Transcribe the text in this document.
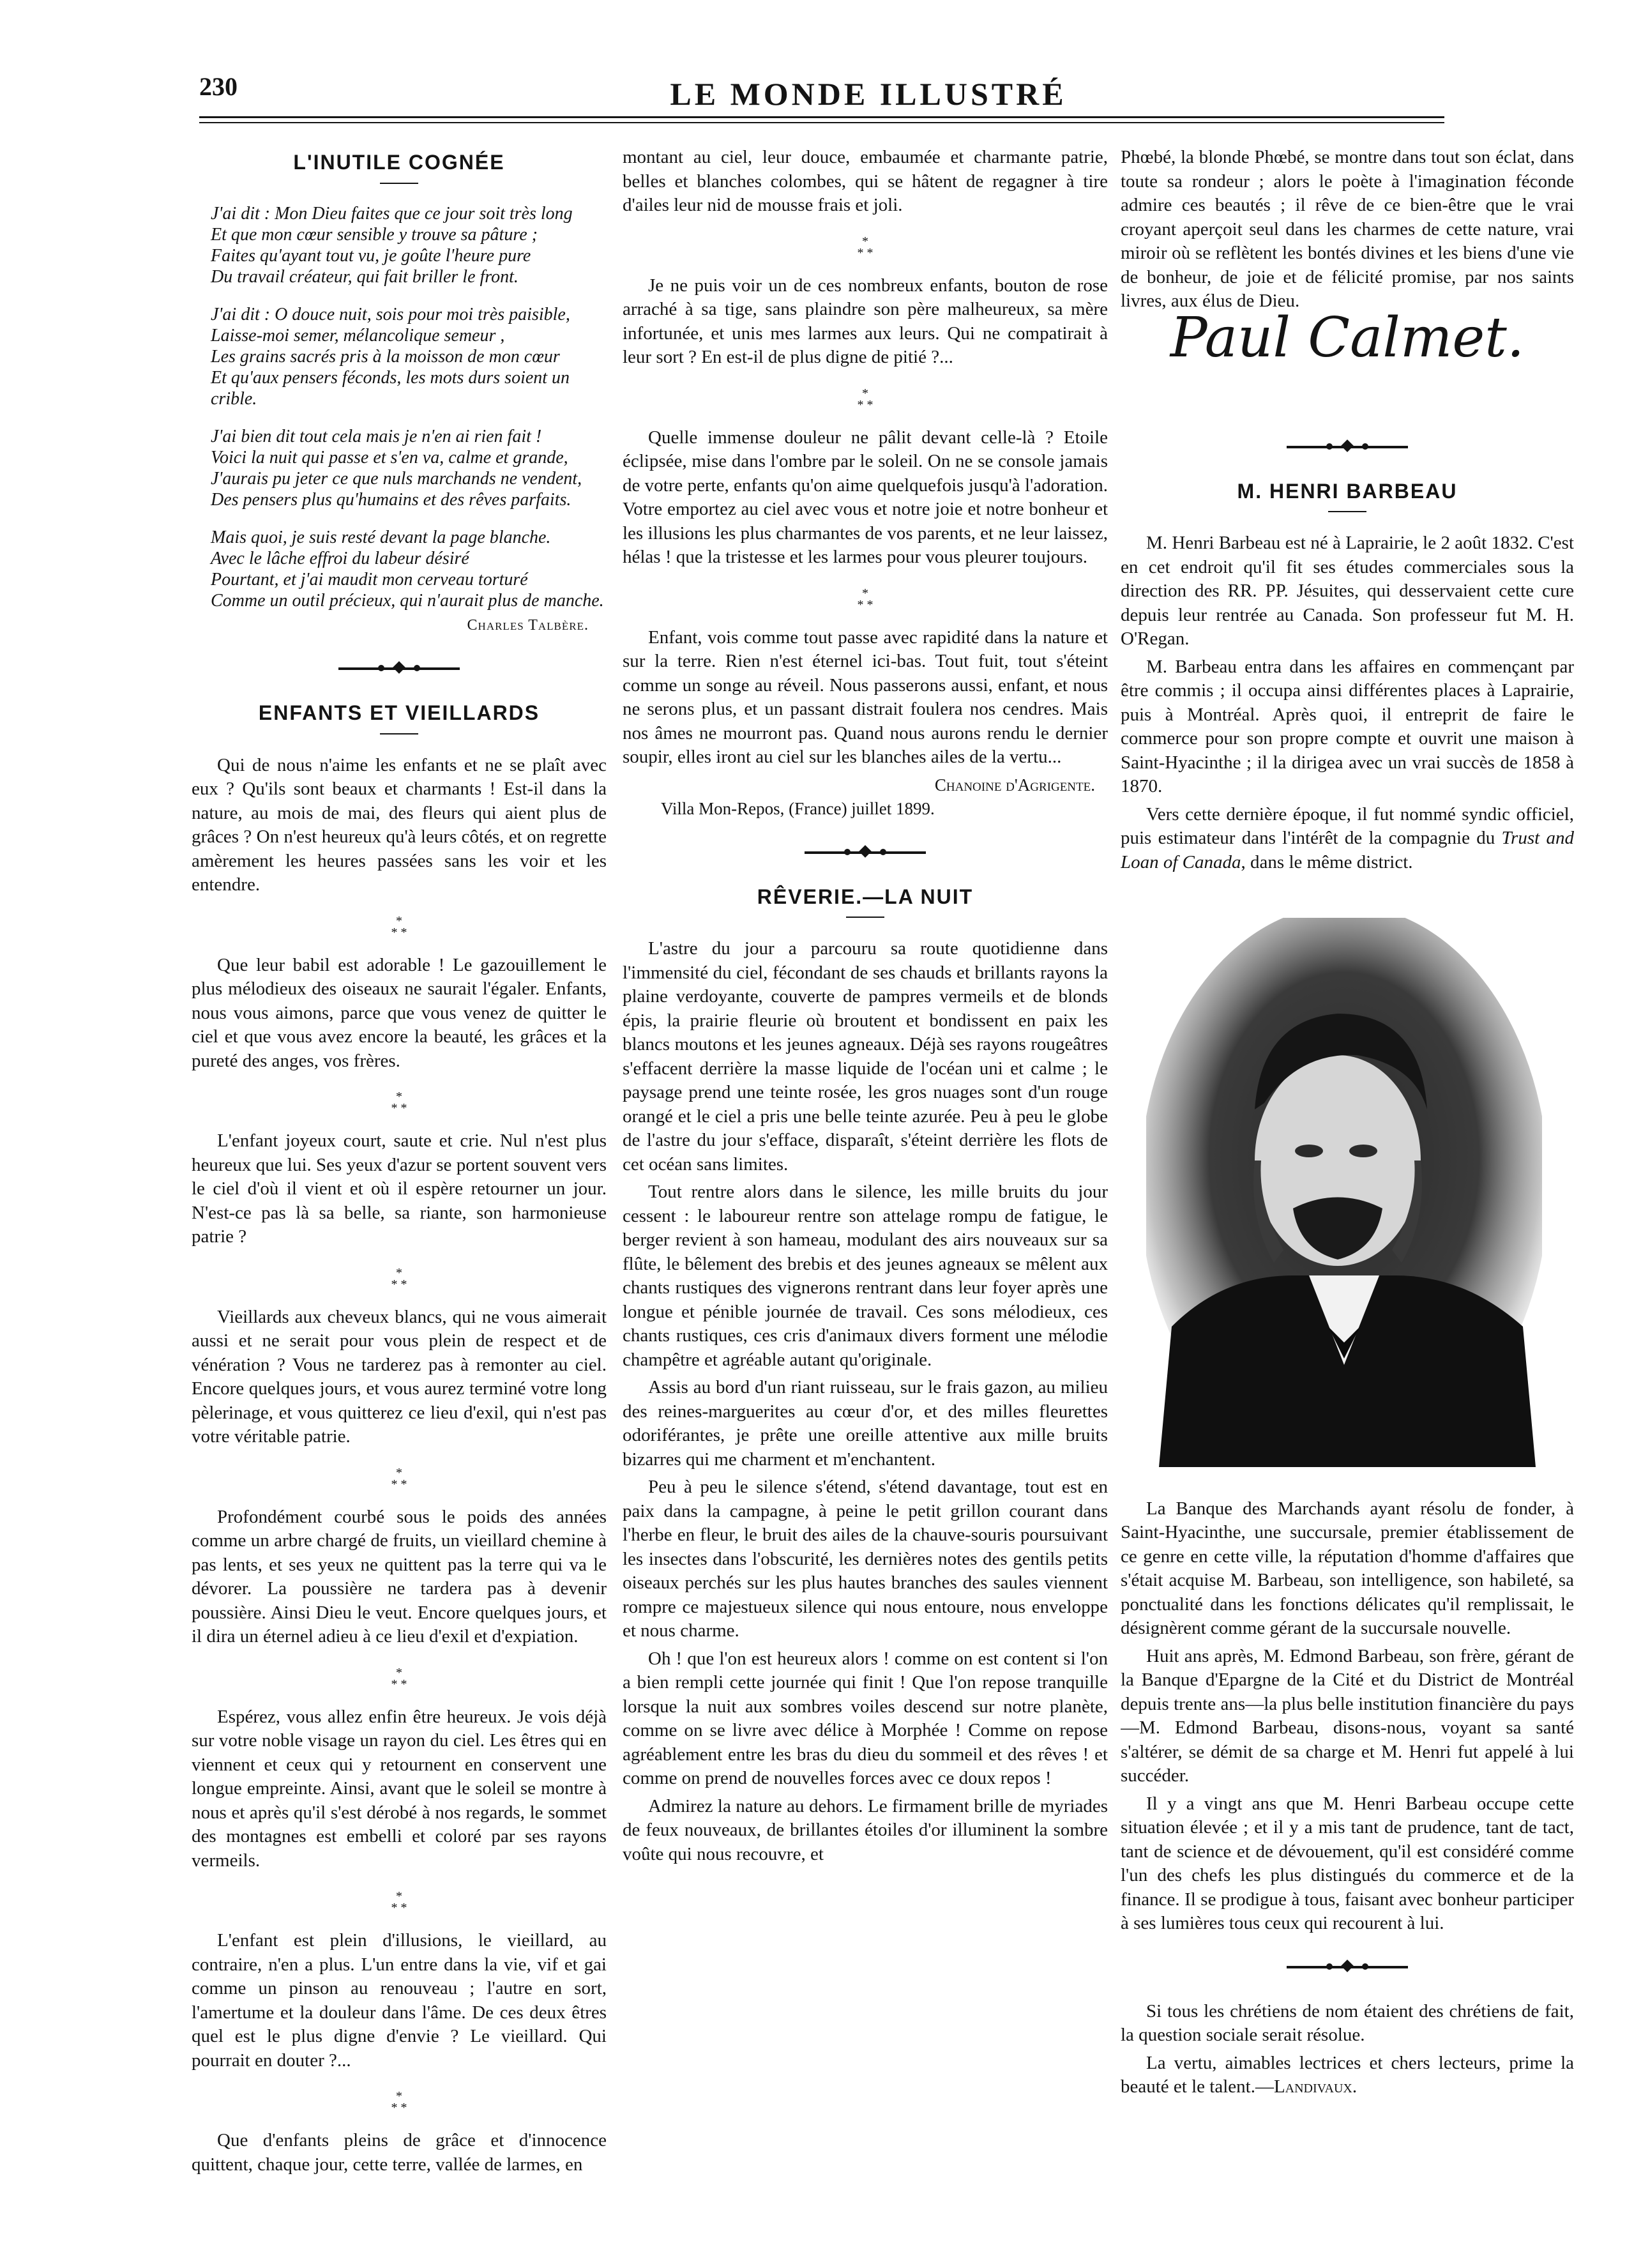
230	LE MONDE ILLUSTRÉ
L'INUTILE COGNÉE
J'ai dit : Mon Dieu faites que ce jour soit très long
Et que mon cœur sensible y trouve sa pâture ;
Faites qu'ayant tout vu, je goûte l'heure pure
Du travail créateur, qui fait briller le front.
J'ai dit : O douce nuit, sois pour moi très paisible,
Laisse-moi semer, mélancolique semeur ,
Les grains sacrés pris à la moisson de mon cœur
Et qu'aux pensers féconds, les mots durs soient un crible.
J'ai bien dit tout cela mais je n'en ai rien fait !
Voici la nuit qui passe et s'en va, calme et grande,
J'aurais pu jeter ce que nuls marchands ne vendent,
Des pensers plus qu'humains et des rêves parfaits.
Mais quoi, je suis resté devant la page blanche.
Avec le lâche effroi du labeur désiré
Pourtant, et j'ai maudit mon cerveau torturé
Comme un outil précieux, qui n'aurait plus de manche.
Charles Talbère.
ENFANTS ET VIEILLARDS

Qui de nous n'aime les enfants et ne se plaît avec eux ? Qu'ils sont beaux et charmants ! Est-il dans la nature, au mois de mai, des fleurs qui aient plus de grâces ? On n'est heureux qu'à leurs côtés, et on regrette amèrement les heures passées sans les voir et les entendre.

*
* *

Que leur babil est adorable ! Le gazouillement le plus mélodieux des oiseaux ne saurait l'égaler. Enfants, nous vous aimons, parce que vous venez de quitter le ciel et que vous avez encore la beauté, les grâces et la pureté des anges, vos frères.

*
* *

L'enfant joyeux court, saute et crie. Nul n'est plus heureux que lui. Ses yeux d'azur se portent souvent vers le ciel d'où il vient et où il espère retourner un jour. N'est-ce pas là sa belle, sa riante, son harmonieuse patrie ?

*
* *

Vieillards aux cheveux blancs, qui ne vous aimerait aussi et ne serait pour vous plein de respect et de vénération ? Vous ne tarderez pas à remonter au ciel. Encore quelques jours, et vous aurez terminé votre long pèlerinage, et vous quitterez ce lieu d'exil, qui n'est pas votre véritable patrie.

*
* *

Profondément courbé sous le poids des années comme un arbre chargé de fruits, un vieillard chemine à pas lents, et ses yeux ne quittent pas la terre qui va le dévorer. La poussière ne tardera pas à devenir poussière. Ainsi Dieu le veut. Encore quelques jours, et il dira un éternel adieu à ce lieu d'exil et d'expiation.

*
* *

Espérez, vous allez enfin être heureux. Je vois déjà sur votre noble visage un rayon du ciel. Les êtres qui en viennent et ceux qui y retournent en conservent une longue empreinte. Ainsi, avant que le soleil se montre à nous et après qu'il s'est dérobé à nos regards, le sommet des montagnes est embelli et coloré par ses rayons vermeils.

*
* *

L'enfant est plein d'illusions, le vieillard, au contraire, n'en a plus. L'un entre dans la vie, vif et gai comme un pinson au renouveau ; l'autre en sort, l'amertume et la douleur dans l'âme. De ces deux êtres quel est le plus digne d'envie ? Le vieillard. Qui pourrait en douter ?...

*
* *

Que d'enfants pleins de grâce et d'innocence quittent, chaque jour, cette terre, vallée de larmes, en

montant au ciel, leur douce, embaumée et charmante patrie, belles et blanches colombes, qui se hâtent de regagner à tire d'ailes leur nid de mousse frais et joli.

*
* *

Je ne puis voir un de ces nombreux enfants, bouton de rose arraché à sa tige, sans plaindre son père malheureux, sa mère infortunée, et unis mes larmes aux leurs. Qui ne compatirait à leur sort ? En est-il de plus digne de pitié ?...

*
* *

Quelle immense douleur ne pâlit devant celle-là ? Etoile éclipsée, mise dans l'ombre par le soleil. On ne se console jamais de votre perte, enfants qu'on aime quelquefois jusqu'à l'adoration. Votre emportez au ciel avec vous et notre joie et notre bonheur et les illusions les plus charmantes de vos parents, et ne leur laissez, hélas ! que la tristesse et les larmes pour vous pleurer toujours.

*
* *

Enfant, vois comme tout passe avec rapidité dans la nature et sur la terre. Rien n'est éternel ici-bas. Tout fuit, tout s'éteint comme un songe au réveil. Nous passerons aussi, enfant, et nous ne serons plus, et un passant distrait foulera nos cendres. Mais nos âmes ne mourront pas. Quand nous aurons rendu le dernier soupir, elles iront au ciel sur les blanches ailes de la vertu...

Chanoine d'Agrigente.
Villa Mon-Repos, (France) juillet 1899.
RÊVERIE.—LA NUIT

L'astre du jour a parcouru sa route quotidienne dans l'immensité du ciel, fécondant de ses chauds et brillants rayons la plaine verdoyante, couverte de pampres vermeils et de blonds épis, la prairie fleurie où broutent et bondissent en paix les blancs moutons et les jeunes agneaux. Déjà ses rayons rougeâtres s'effacent derrière la masse liquide de l'océan uni et calme ; le paysage prend une teinte rosée, les gros nuages sont d'un rouge orangé et le ciel a pris une belle teinte azurée. Peu à peu le globe de l'astre du jour s'efface, disparaît, s'éteint derrière les flots de cet océan sans limites.

Tout rentre alors dans le silence, les mille bruits du jour cessent : le laboureur rentre son attelage rompu de fatigue, le berger revient à son hameau, modulant des airs nouveaux sur sa flûte, le bêlement des brebis et des jeunes agneaux se mêlent aux chants rustiques des vignerons rentrant dans leur foyer après une longue et pénible journée de travail. Ces sons mélodieux, ces chants rustiques, ces cris d'animaux divers forment une mélodie champêtre et agréable autant qu'originale.

Assis au bord d'un riant ruisseau, sur le frais gazon, au milieu des reines-marguerites au cœur d'or, et des milles fleurettes odoriférantes, je prête une oreille attentive aux mille bruits bizarres qui me charment et m'enchantent.

Peu à peu le silence s'étend, s'étend davantage, tout est en paix dans la campagne, à peine le petit grillon courant dans l'herbe en fleur, le bruit des ailes de la chauve-souris poursuivant les insectes dans l'obscurité, les dernières notes des gentils petits oiseaux perchés sur les plus hautes branches des saules viennent rompre ce majestueux silence qui nous entoure, nous enveloppe et nous charme.

Oh ! que l'on est heureux alors ! comme on est content si l'on a bien rempli cette journée qui finit ! Que l'on repose tranquille lorsque la nuit aux sombres voiles descend sur notre planète, comme on se livre avec délice à Morphée ! Comme on repose agréablement entre les bras du dieu du sommeil et des rêves ! et comme on prend de nouvelles forces avec ce doux repos !

Admirez la nature au dehors. Le firmament brille de myriades de feux nouveaux, de brillantes étoiles d'or illuminent la sombre voûte qui nous recouvre, et

Phœbé, la blonde Phœbé, se montre dans tout son éclat, dans toute sa rondeur ; alors le poète à l'imagination féconde admire ces beautés ; il rêve de ce bien-être que le vrai croyant aperçoit seul dans les charmes de cette nature, vrai miroir où se reflètent les bontés divines et les biens d'une vie de bonheur, de joie et de félicité promise, par nos saints livres, aux élus de Dieu.

Paul Calmet.
M. HENRI BARBEAU

M. Henri Barbeau est né à Laprairie, le 2 août 1832. C'est en cet endroit qu'il fit ses études commerciales sous la direction des RR. PP. Jésuites, qui desservaient cette cure depuis leur rentrée au Canada. Son professeur fut M. H. O'Regan.

M. Barbeau entra dans les affaires en commençant par être commis ; il occupa ainsi différentes places à Laprairie, puis à Montréal. Après quoi, il entreprit de faire le commerce pour son propre compte et ouvrit une maison à Saint-Hyacinthe ; il la dirigea avec un vrai succès de 1858 à 1870.

Vers cette dernière époque, il fut nommé syndic officiel, puis estimateur dans l'intérêt de la compagnie du Trust and Loan of Canada, dans le même district.

La Banque des Marchands ayant résolu de fonder, à Saint-Hyacinthe, une succursale, premier établissement de ce genre en cette ville, la réputation d'homme d'affaires que s'était acquise M. Barbeau, son intelligence, son habileté, sa ponctualité dans les fonctions délicates qu'il remplissait, le désignèrent comme gérant de la succursale nouvelle.

Huit ans après, M. Edmond Barbeau, son frère, gérant de la Banque d'Epargne de la Cité et du District de Montréal depuis trente ans—la plus belle institution financière du pays—M. Edmond Barbeau, disons-nous, voyant sa santé s'altérer, se démit de sa charge et M. Henri fut appelé à lui succéder.

Il y a vingt ans que M. Henri Barbeau occupe cette situation élevée ; et il y a mis tant de prudence, tant de tact, tant de science et de dévouement, qu'il est considéré comme l'un des chefs les plus distingués du commerce et de la finance. Il se prodigue à tous, faisant avec bonheur participer à ses lumières tous ceux qui recourent à lui.

Si tous les chrétiens de nom étaient des chrétiens de fait, la question sociale serait résolue.

La vertu, aimables lectrices et chers lecteurs, prime la beauté et le talent.—Landivaux.
